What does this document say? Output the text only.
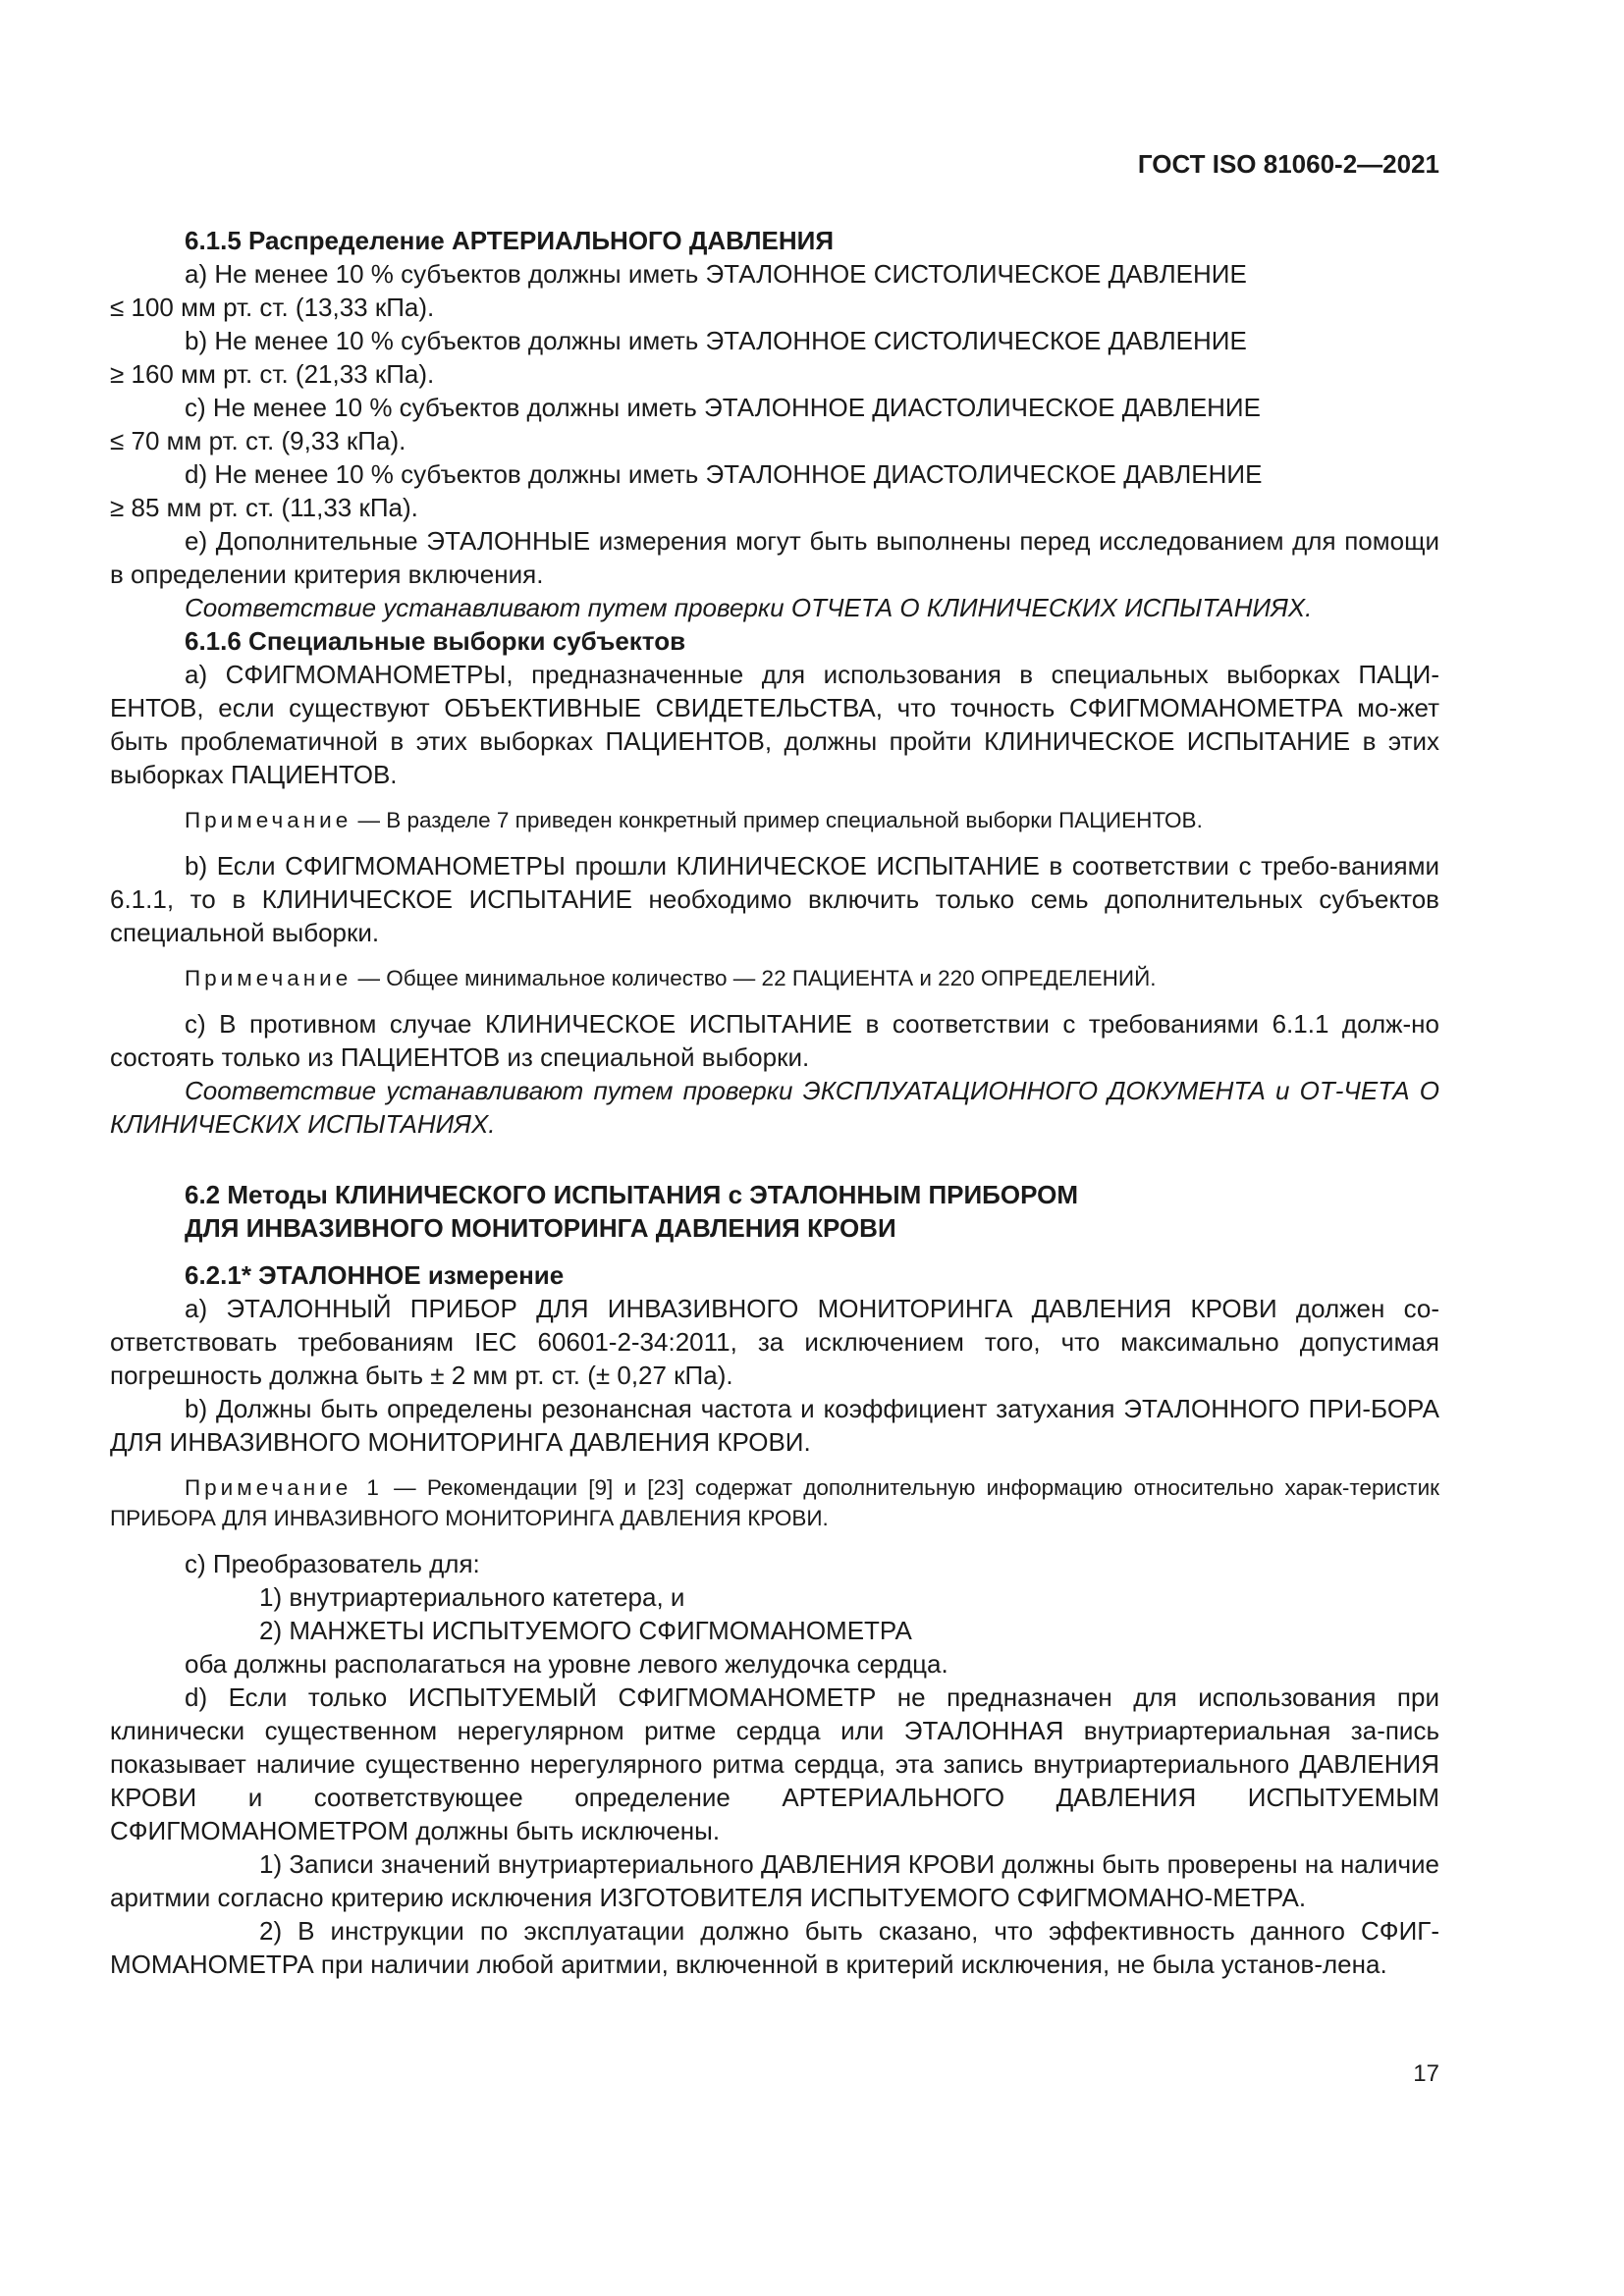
ГОСТ ISO 81060-2—2021

6.1.5 Распределение АРТЕРИАЛЬНОГО ДАВЛЕНИЯ

a) Не менее 10 % субъектов должны иметь ЭТАЛОННОЕ СИСТОЛИЧЕСКОЕ ДАВЛЕНИЕ

≤ 100 мм рт. ст. (13,33 кПа).

b) Не менее 10 % субъектов должны иметь ЭТАЛОННОЕ СИСТОЛИЧЕСКОЕ ДАВЛЕНИЕ

≥ 160 мм рт. ст. (21,33 кПа).

c) Не менее 10 % субъектов должны иметь ЭТАЛОННОЕ ДИАСТОЛИЧЕСКОЕ ДАВЛЕНИЕ

≤ 70 мм рт. ст. (9,33 кПа).

d) Не менее 10 % субъектов должны иметь ЭТАЛОННОЕ ДИАСТОЛИЧЕСКОЕ ДАВЛЕНИЕ

≥ 85 мм рт. ст. (11,33 кПа).

e) Дополнительные ЭТАЛОННЫЕ измерения могут быть выполнены перед исследованием для помощи в определении критерия включения.

Соответствие устанавливают путем проверки ОТЧЕТА О КЛИНИЧЕСКИХ ИСПЫТАНИЯХ.

6.1.6 Специальные выборки субъектов

a) СФИГМОМАНОМЕТРЫ, предназначенные для использования в специальных выборках ПАЦИ-ЕНТОВ, если существуют ОБЪЕКТИВНЫЕ СВИДЕТЕЛЬСТВА, что точность СФИГМОМАНОМЕТРА мо-жет быть проблематичной в этих выборках ПАЦИЕНТОВ, должны пройти КЛИНИЧЕСКОЕ ИСПЫТАНИЕ в этих выборках ПАЦИЕНТОВ.

Примечание — В разделе 7 приведен конкретный пример специальной выборки ПАЦИЕНТОВ.

b) Если СФИГМОМАНОМЕТРЫ прошли КЛИНИЧЕСКОЕ ИСПЫТАНИЕ в соответствии с требо-ваниями 6.1.1, то в КЛИНИЧЕСКОЕ ИСПЫТАНИЕ необходимо включить только семь дополнительных субъектов специальной выборки.

Примечание — Общее минимальное количество — 22 ПАЦИЕНТА и 220 ОПРЕДЕЛЕНИЙ.

c) В противном случае КЛИНИЧЕСКОЕ ИСПЫТАНИЕ в соответствии с требованиями 6.1.1 долж-но состоять только из ПАЦИЕНТОВ из специальной выборки.

Соответствие устанавливают путем проверки ЭКСПЛУАТАЦИОННОГО ДОКУМЕНТА и ОТ-ЧЕТА О КЛИНИЧЕСКИХ ИСПЫТАНИЯХ.

6.2 Методы КЛИНИЧЕСКОГО ИСПЫТАНИЯ с ЭТАЛОННЫМ ПРИБОРОМ

ДЛЯ ИНВАЗИВНОГО МОНИТОРИНГА ДАВЛЕНИЯ КРОВИ

6.2.1* ЭТАЛОННОЕ измерение

a) ЭТАЛОННЫЙ ПРИБОР ДЛЯ ИНВАЗИВНОГО МОНИТОРИНГА ДАВЛЕНИЯ КРОВИ должен со-ответствовать требованиям IEC 60601-2-34:2011, за исключением того, что максимально допустимая погрешность должна быть ± 2 мм рт. ст. (± 0,27 кПа).

b) Должны быть определены резонансная частота и коэффициент затухания ЭТАЛОННОГО ПРИ-БОРА ДЛЯ ИНВАЗИВНОГО МОНИТОРИНГА ДАВЛЕНИЯ КРОВИ.

Примечание 1 — Рекомендации [9] и [23] содержат дополнительную информацию относительно харак-теристик ПРИБОРА ДЛЯ ИНВАЗИВНОГО МОНИТОРИНГА ДАВЛЕНИЯ КРОВИ.

c) Преобразователь для:

1) внутриартериального катетера, и

2) МАНЖЕТЫ ИСПЫТУЕМОГО СФИГМОМАНОМЕТРА

оба должны располагаться на уровне левого желудочка сердца.

d) Если только ИСПЫТУЕМЫЙ СФИГМОМАНОМЕТР не предназначен для использования при клинически существенном нерегулярном ритме сердца или ЭТАЛОННАЯ внутриартериальная за-пись показывает наличие существенно нерегулярного ритма сердца, эта запись внутриартериального ДАВЛЕНИЯ КРОВИ и соответствующее определение АРТЕРИАЛЬНОГО ДАВЛЕНИЯ ИСПЫТУЕМЫМ СФИГМОМАНОМЕТРОМ должны быть исключены.

1) Записи значений внутриартериального ДАВЛЕНИЯ КРОВИ должны быть проверены на наличие аритмии согласно критерию исключения ИЗГОТОВИТЕЛЯ ИСПЫТУЕМОГО СФИГМОМАНО-МЕТРА.

2) В инструкции по эксплуатации должно быть сказано, что эффективность данного СФИГ-МОМАНОМЕТРА при наличии любой аритмии, включенной в критерий исключения, не была установ-лена.

17
